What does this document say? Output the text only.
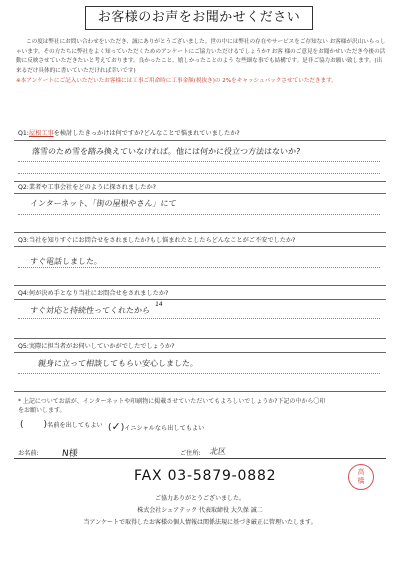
お客様のお声をお聞かせください

この度は弊社にお問い合わせをいただき、誠にありがとうございました。世の中には弊社の存在やサービスをご存知ない お客様が沢山いらっしゃいます。その方たちに弊社をよく知っていただくためのアンケートにご協力いただけるでしょうか? お客 様のご意見をお聞かせいただき今後の活動に反映させていただきたいと考えております。良かったこと、嬉しかったことのよう な些細な事でも結構です。是非ご協力お願い致します。(出来るだけ具体的に書いていただければ幸いです)

※本アンケートにご記入いただいたお客様には工事ご用命時に工事金額(税抜き)の 2%をキャッシュバックさせていただきます。

Q1:屋根工事を検討したきっかけは何ですか?どんなことで悩まれていましたか?
落雪のため雪を踏み換えていなければ。他には何かに役立つ方法はないか?
Q2:業者や工事会社をどのように探されましたか?
インターネット、「街の屋根やさん」にて
Q3:当社を知りすぐにお問合せをされましたか?もし悩まれたとしたらどんなことがご不安でしたか?
すぐ電話しました。
Q4:何が決め手となり当社にお問合せをされましたか?
すぐ対応と持続性ってくれたから
14
Q5:実際に担当者がお伺いしていかがでしたでしょうか?
親身に立って相談してもらい安心しました。
* 上記についてお話が、インターネットや印刷物に掲載させていただいてもよろしいでしょうか?下記の中から〇印
をお願いします。
( )名前を出してもよい (✓)イニシャルなら出してもよい
お名前:	N様	ご住所: 北区
FAX 03-5879-0882	高
橋
ご協力ありがとうございました。
株式会社シェアテック 代表取締役 大久保 誠二
当アンケートで取得したお客様の個人情報は関係法規に基づき厳正に管理いたします。
